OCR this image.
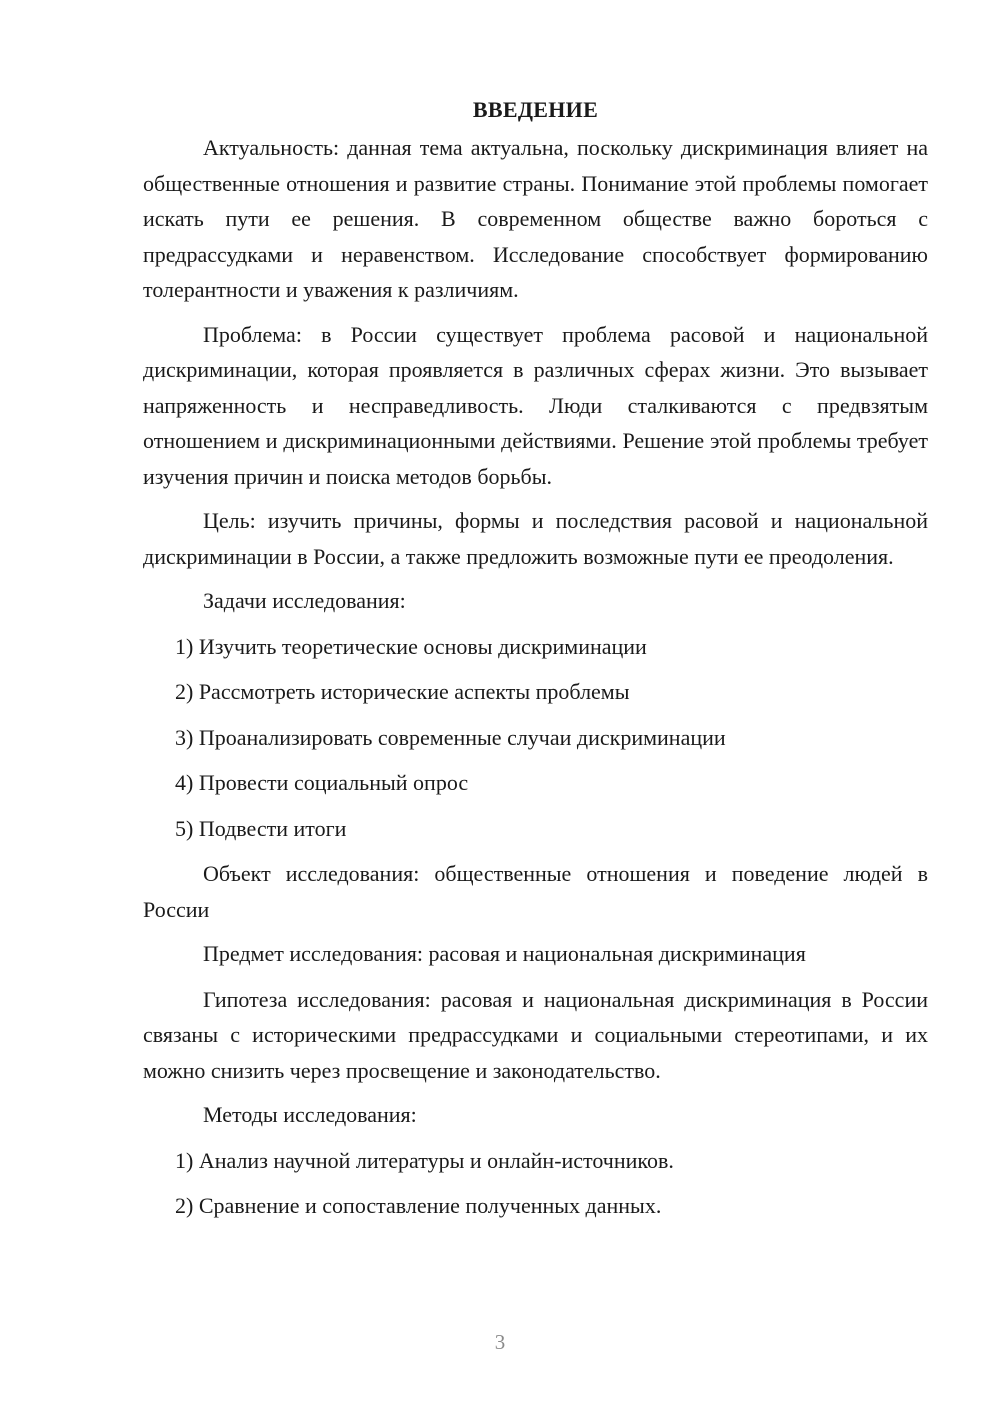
ВВЕДЕНИЕ

Актуальность: данная тема актуальна, поскольку дискриминация влияет на общественные отношения и развитие страны. Понимание этой проблемы помогает искать пути ее решения. В современном обществе важно бороться с предрассудками и неравенством. Исследование способствует формированию толерантности и уважения к различиям.

Проблема: в России существует проблема расовой и национальной дискриминации, которая проявляется в различных сферах жизни. Это вызывает напряженность и несправедливость. Люди сталкиваются с предвзятым отношением и дискриминационными действиями. Решение этой проблемы требует изучения причин и поиска методов борьбы.

Цель: изучить причины, формы и последствия расовой и национальной дискриминации в России, а также предложить возможные пути ее преодоления.

Задачи исследования:
1) Изучить теоретические основы дискриминации
2) Рассмотреть исторические аспекты проблемы
3) Проанализировать современные случаи дискриминации
4) Провести социальный опрос
5) Подвести итоги

Объект исследования: общественные отношения и поведение людей в России

Предмет исследования: расовая и национальная дискриминация

Гипотеза исследования: расовая и национальная дискриминация в России связаны с историческими предрассудками и социальными стереотипами, и их можно снизить через просвещение и законодательство.

Методы исследования:
1) Анализ научной литературы и онлайн-источников.
2) Сравнение и сопоставление полученных данных.
3
